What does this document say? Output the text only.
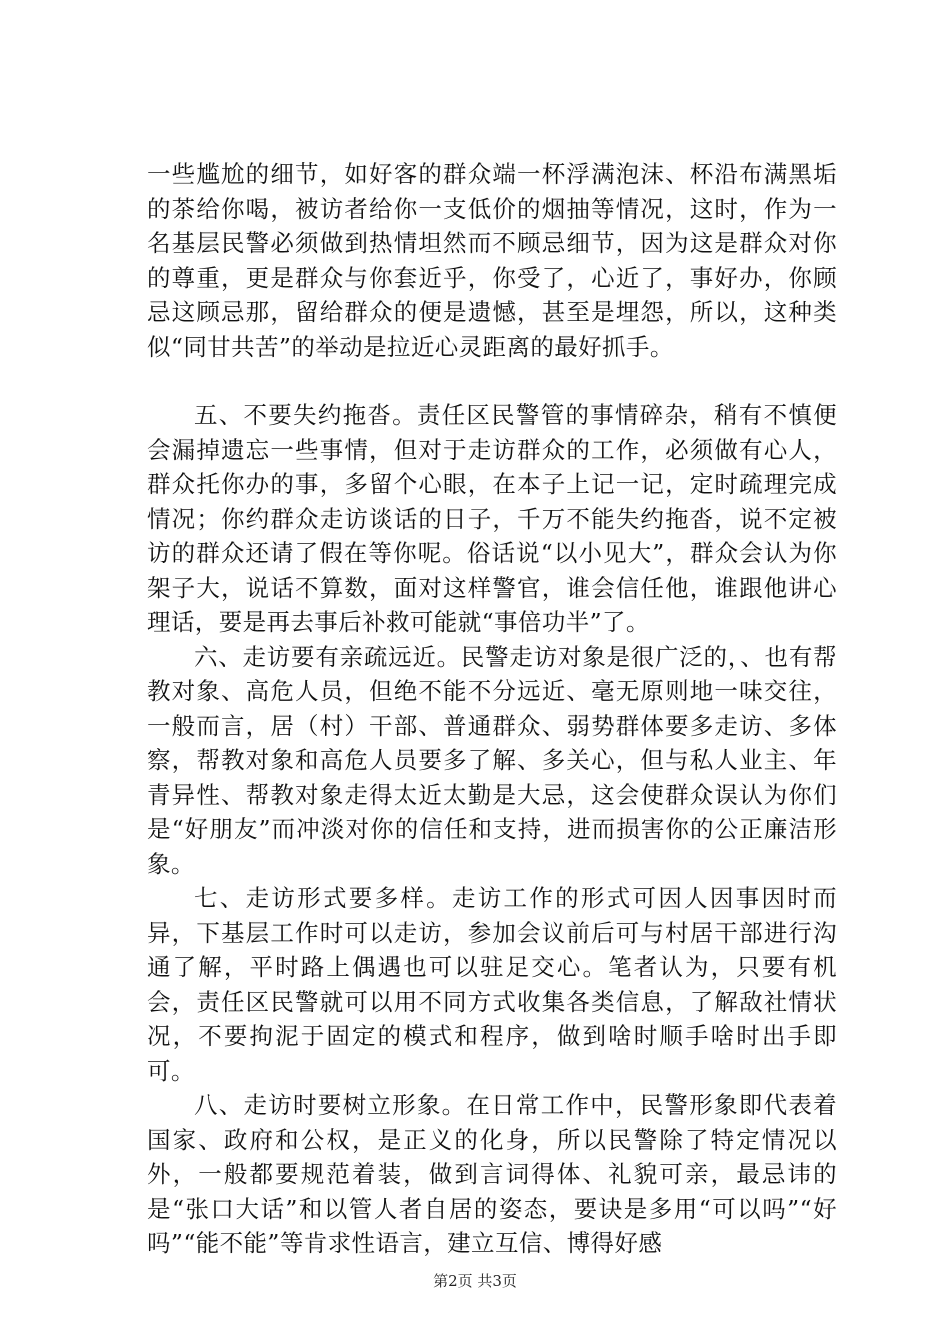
一些尴尬的细节，如好客的群众端一杯浮满泡沫、杯沿布满黑垢的茶给你喝，被访者给你一支低价的烟抽等情况，这时，作为一名基层民警必须做到热情坦然而不顾忌细节，因为这是群众对你的尊重，更是群众与你套近乎，你受了，心近了，事好办，你顾忌这顾忌那，留给群众的便是遗憾，甚至是埋怨，所以，这种类似“同甘共苦”的举动是拉近心灵距离的最好抓手。

五、不要失约拖沓。责任区民警管的事情碎杂，稍有不慎便会漏掉遗忘一些事情，但对于走访群众的工作，必须做有心人，群众托你办的事，多留个心眼，在本子上记一记，定时疏理完成情况；你约群众走访谈话的日子，千万不能失约拖沓，说不定被访的群众还请了假在等你呢。俗话说“以小见大”，群众会认为你架子大，说话不算数，面对这样警官，谁会信任他，谁跟他讲心理话，要是再去事后补救可能就“事倍功半”了。

六、走访要有亲疏远近。民警走访对象是很广泛的，、也有帮教对象、高危人员，但绝不能不分远近、毫无原则地一味交往，一般而言，居（村）干部、普通群众、弱势群体要多走访、多体察，帮教对象和高危人员要多了解、多关心，但与私人业主、年青异性、帮教对象走得太近太勤是大忌，这会使群众误认为你们是“好朋友”而冲淡对你的信任和支持，进而损害你的公正廉洁形象。

七、走访形式要多样。走访工作的形式可因人因事因时而异，下基层工作时可以走访，参加会议前后可与村居干部进行沟通了解，平时路上偶遇也可以驻足交心。笔者认为，只要有机会，责任区民警就可以用不同方式收集各类信息，了解敌社情状况，不要拘泥于固定的模式和程序，做到啥时顺手啥时出手即可。

八、走访时要树立形象。在日常工作中，民警形象即代表着国家、政府和公权，是正义的化身，所以民警除了特定情况以外，一般都要规范着装，做到言词得体、礼貌可亲，最忌讳的是“张口大话”和以管人者自居的姿态，要诀是多用“可以吗”“好吗”“能不能”等肯求性语言，建立互信、博得好感

第2页 共3页
